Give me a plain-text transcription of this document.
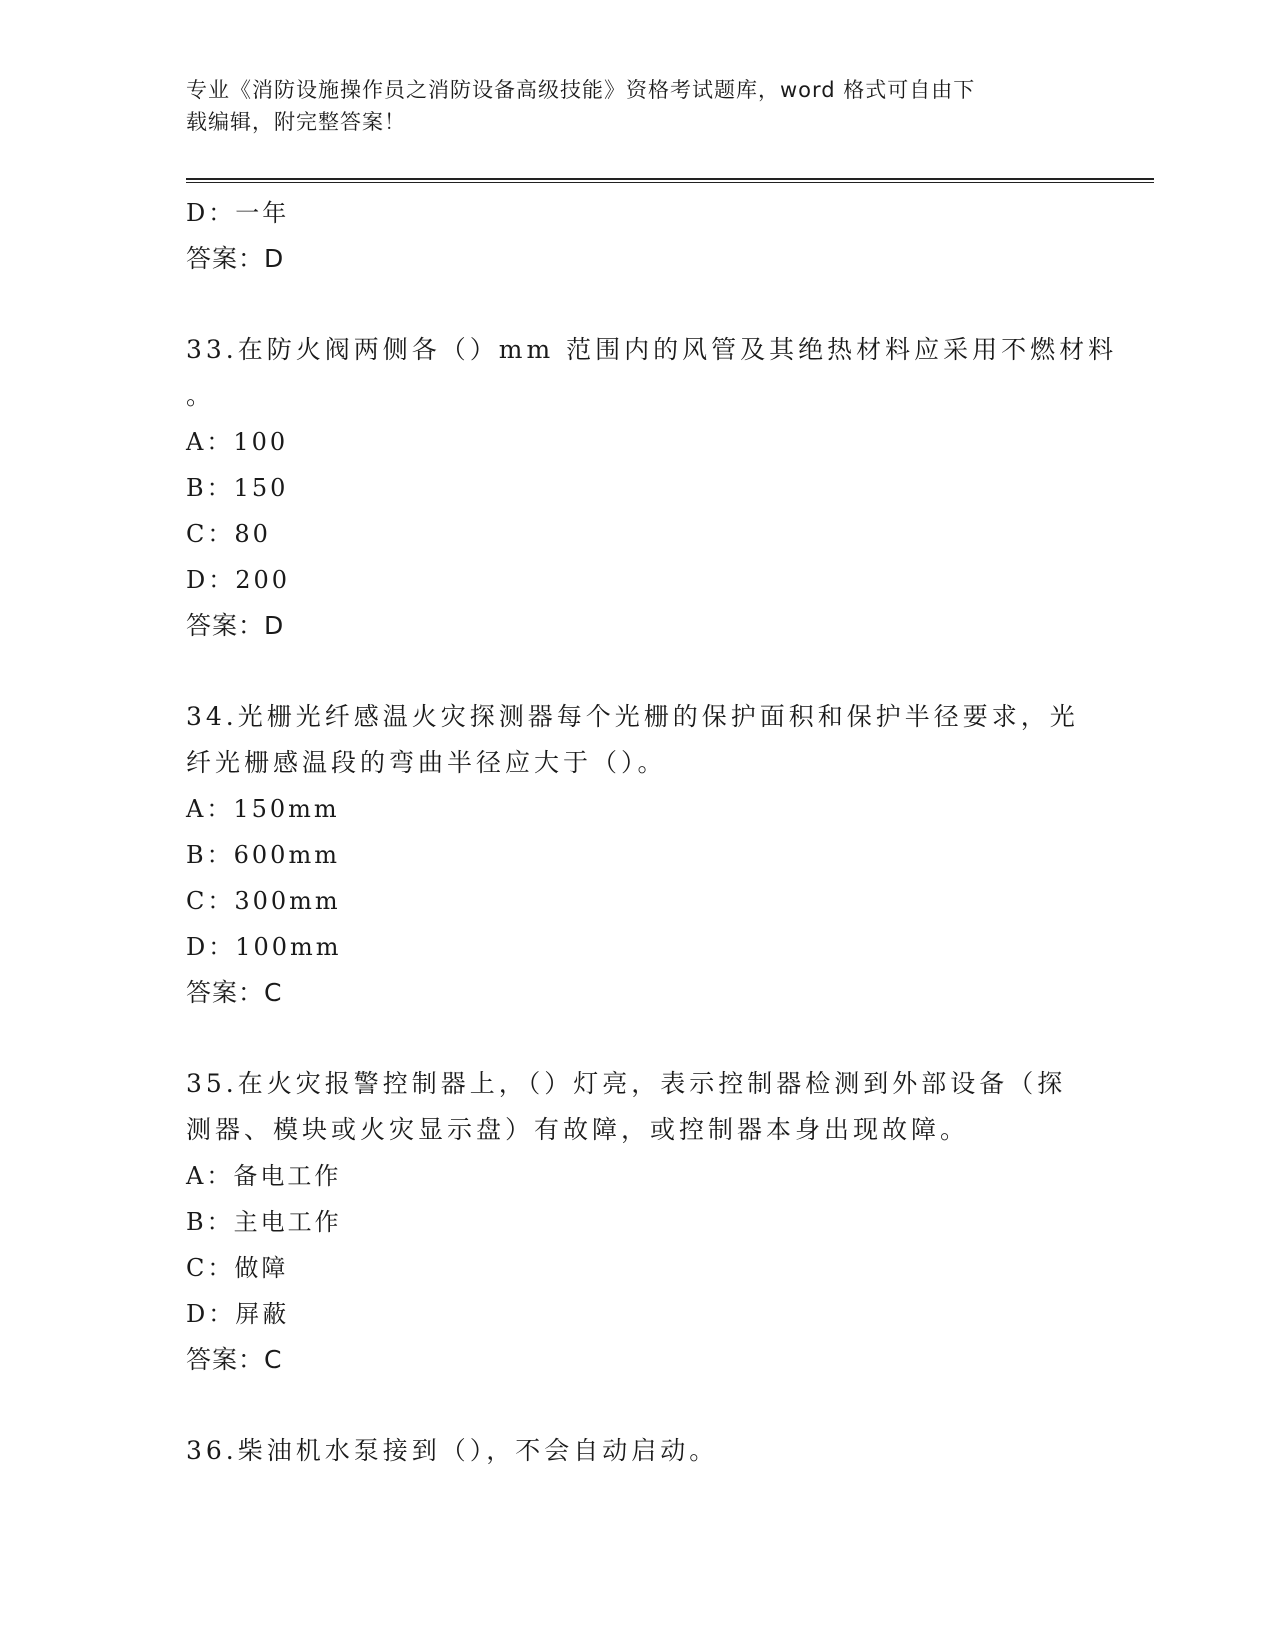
专业《消防设施操作员之消防设备高级技能》资格考试题库，word 格式可自由下
载编辑，附完整答案！
D：一年
答案：D
33.在防火阀两侧各（）mm 范围内的风管及其绝热材料应采用不燃材料
。
A：100
B：150
C：80
D：200
答案：D
34.光栅光纤感温火灾探测器每个光栅的保护面积和保护半径要求，光
纤光栅感温段的弯曲半径应大于（）。
A：150mm
B：600mm
C：300mm
D：100mm
答案：C
35.在火灾报警控制器上，（）灯亮，表示控制器检测到外部设备（探
测器、模块或火灾显示盘）有故障，或控制器本身出现故障。
A：备电工作
B：主电工作
C：做障
D：屏蔽
答案：C
36.柴油机水泵接到（），不会自动启动。
